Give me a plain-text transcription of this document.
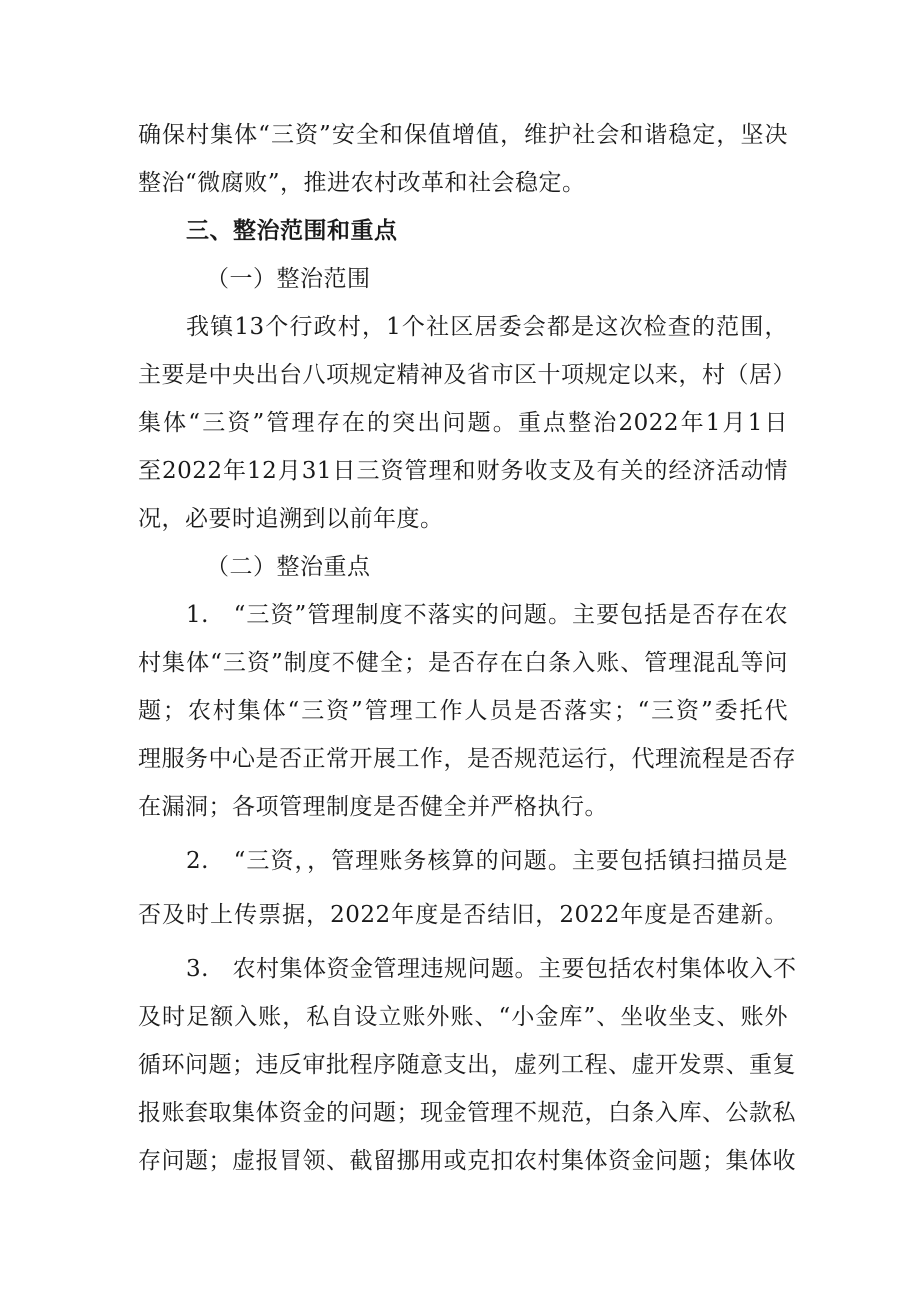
确保村集体“三资”安全和保值增值，维护社会和谐稳定，坚决
整治“微腐败”，推进农村改革和社会稳定。
三、整治范围和重点
（一）整治范围
我镇13个行政村，1个社区居委会都是这次检查的范围，
主要是中央出台八项规定精神及省市区十项规定以来，村（居）
集体“三资”管理存在的突出问题。重点整治2022年1月1日
至2022年12月31日三资管理和财务收支及有关的经济活动情
况，必要时追溯到以前年度。
（二）整治重点
1.　“三资”管理制度不落实的问题。主要包括是否存在农
村集体“三资”制度不健全；是否存在白条入账、管理混乱等问
题；农村集体“三资”管理工作人员是否落实；“三资”委托代
理服务中心是否正常开展工作，是否规范运行，代理流程是否存
在漏洞；各项管理制度是否健全并严格执行。
2.　“三资，，管理账务核算的问题。主要包括镇扫描员是
否及时上传票据，2022年度是否结旧，2022年度是否建新。
3.　农村集体资金管理违规问题。主要包括农村集体收入不
及时足额入账，私自设立账外账、“小金库”、坐收坐支、账外
循环问题；违反审批程序随意支出，虚列工程、虚开发票、重复
报账套取集体资金的问题；现金管理不规范，白条入库、公款私
存问题；虚报冒领、截留挪用或克扣农村集体资金问题；集体收
